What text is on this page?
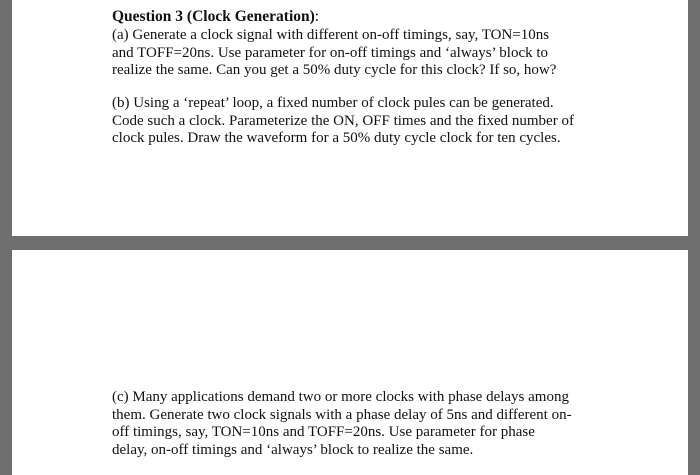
Question 3 (Clock Generation):

(a) Generate a clock signal with different on-off timings, say, TON=10ns
and TOFF=20ns. Use parameter for on-off timings and ‘always’ block to
realize the same. Can you get a 50% duty cycle for this clock? If so, how?

(b) Using a ‘repeat’ loop, a fixed number of clock pules can be generated.
Code such a clock. Parameterize the ON, OFF times and the fixed number of
clock pules. Draw the waveform for a 50% duty cycle clock for ten cycles.

(c) Many applications demand two or more clocks with phase delays among
them. Generate two clock signals with a phase delay of 5ns and different on-
off timings, say, TON=10ns and TOFF=20ns. Use parameter for phase
delay, on-off timings and ‘always’ block to realize the same.
